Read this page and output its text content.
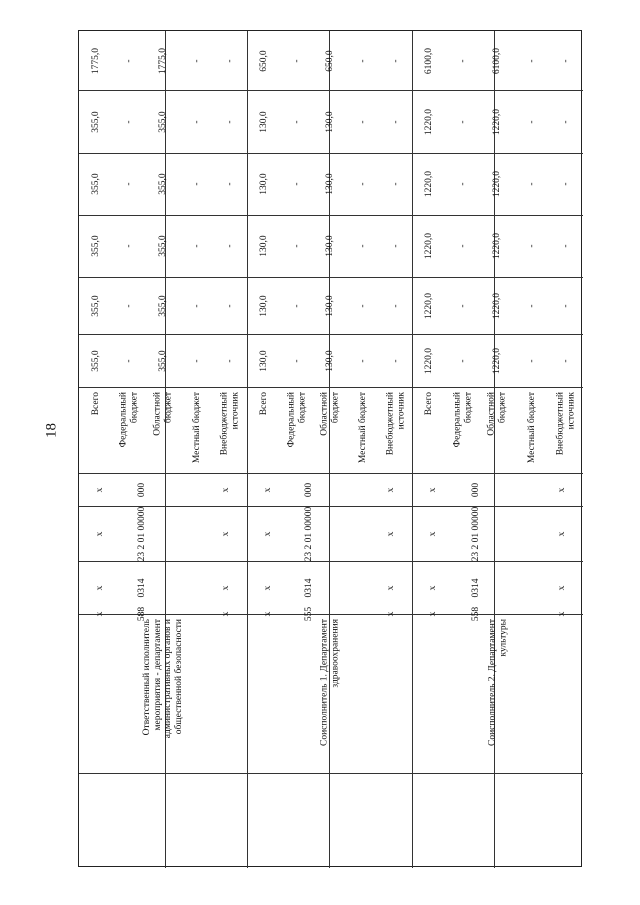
18
355,0
355,0
355,0
355,0
355,0
1775,0
Всего
-
-
-
-
-
-
Федеральный бюджет
355,0
355,0
355,0
355,0
355,0
1775,0
Областной бюджет
-
-
-
-
-
-
Местный бюджет
-
-
-
-
-
-
Внебюджетный источник
x
x
x
x
000
23 2 01 00000
0314
588
x
x
x
x
Ответственный исполнитель мероприятия - департамент административных органов и общественной безопасности
130,0
130,0
130,0
130,0
130,0
650,0
Всего
-
-
-
-
-
-
Федеральный бюджет
130,0
130,0
130,0
130,0
130,0
650,0
Областной бюджет
-
-
-
-
-
-
Местный бюджет
-
-
-
-
-
-
Внебюджетный источник
x
x
x
x
000
23 2 01 00000
0314
555
x
x
x
x
Соисполнитель 1. Департамент здравоохранения
1220,0
1220,0
1220,0
1220,0
1220,0
6100,0
Всего
-
-
-
-
-
-
Федеральный бюджет
1220,0
1220,0
1220,0
1220,0
1220,0
6100,0
Областной бюджет
-
-
-
-
-
-
Местный бюджет
-
-
-
-
-
-
Внебюджетный источник
x
x
x
x
000
23 2 01 00000
0314
558
x
x
x
x
Соисполнитель 2. Департамент культуры
